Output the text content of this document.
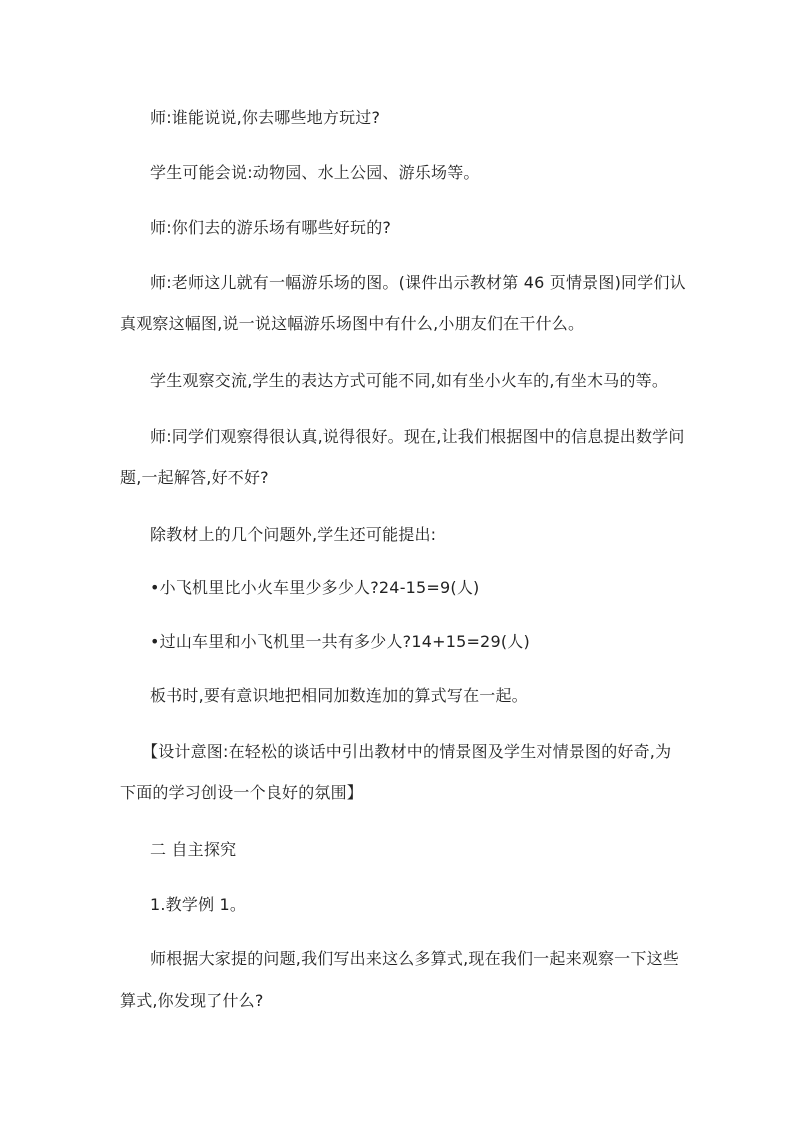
师:谁能说说,你去哪些地方玩过?
学生可能会说:动物园、水上公园、游乐场等。
师:你们去的游乐场有哪些好玩的?
师:老师这儿就有一幅游乐场的图。(课件出示教材第 46 页情景图)同学们认
真观察这幅图,说一说这幅游乐场图中有什么,小朋友们在干什么。
学生观察交流,学生的表达方式可能不同,如有坐小火车的,有坐木马的等。
师:同学们观察得很认真,说得很好。现在,让我们根据图中的信息提出数学问
题,一起解答,好不好?
除教材上的几个问题外,学生还可能提出:
•小飞机里比小火车里少多少人?24-15=9(人)
•过山车里和小飞机里一共有多少人?14+15=29(人)
板书时,要有意识地把相同加数连加的算式写在一起。
【设计意图:在轻松的谈话中引出教材中的情景图及学生对情景图的好奇,为
下面的学习创设一个良好的氛围】
二 自主探究
1.教学例 1。
师根据大家提的问题,我们写出来这么多算式,现在我们一起来观察一下这些
算式,你发现了什么?
